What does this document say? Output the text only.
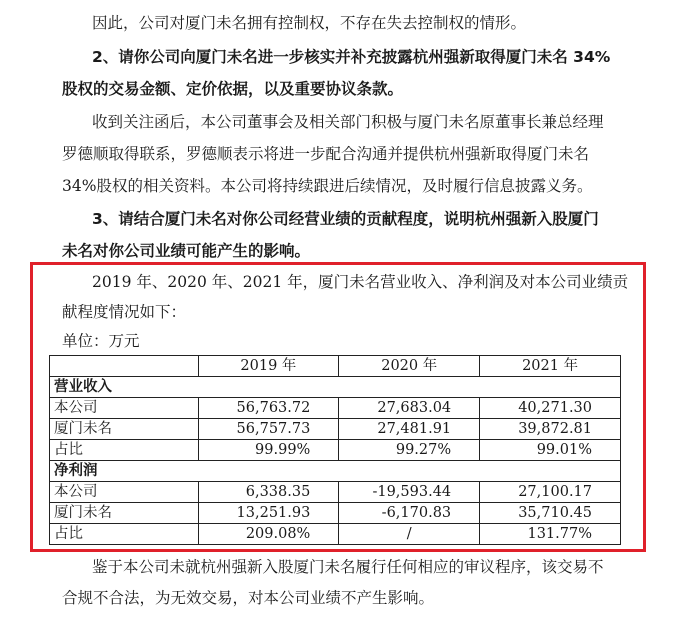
因此，公司对厦门未名拥有控制权，不存在失去控制权的情形。
2、请你公司向厦门未名进一步核实并补充披露杭州强新取得厦门未名 34%
股权的交易金额、定价依据，以及重要协议条款。
收到关注函后，本公司董事会及相关部门积极与厦门未名原董事长兼总经理
罗德顺取得联系，罗德顺表示将进一步配合沟通并提供杭州强新取得厦门未名
34%股权的相关资料。本公司将持续跟进后续情况，及时履行信息披露义务。
3、请结合厦门未名对你公司经营业绩的贡献程度，说明杭州强新入股厦门
未名对你公司业绩可能产生的影响。
2019 年、2020 年、2021 年，厦门未名营业收入、净利润及对本公司业绩贡
献程度情况如下：
单位：万元
	2019 年	2020 年	2021 年
营业收入			
本公司	56,763.72	27,683.04	40,271.30
厦门未名	56,757.73	27,481.91	39,872.81
占比	99.99%	99.27%	99.01%
净利润			
本公司	6,338.35	-19,593.44	27,100.17
厦门未名	13,251.93	-6,170.83	35,710.45
占比	209.08%	/	131.77%
鉴于本公司未就杭州强新入股厦门未名履行任何相应的审议程序，该交易不
合规不合法，为无效交易，对本公司业绩不产生影响。
